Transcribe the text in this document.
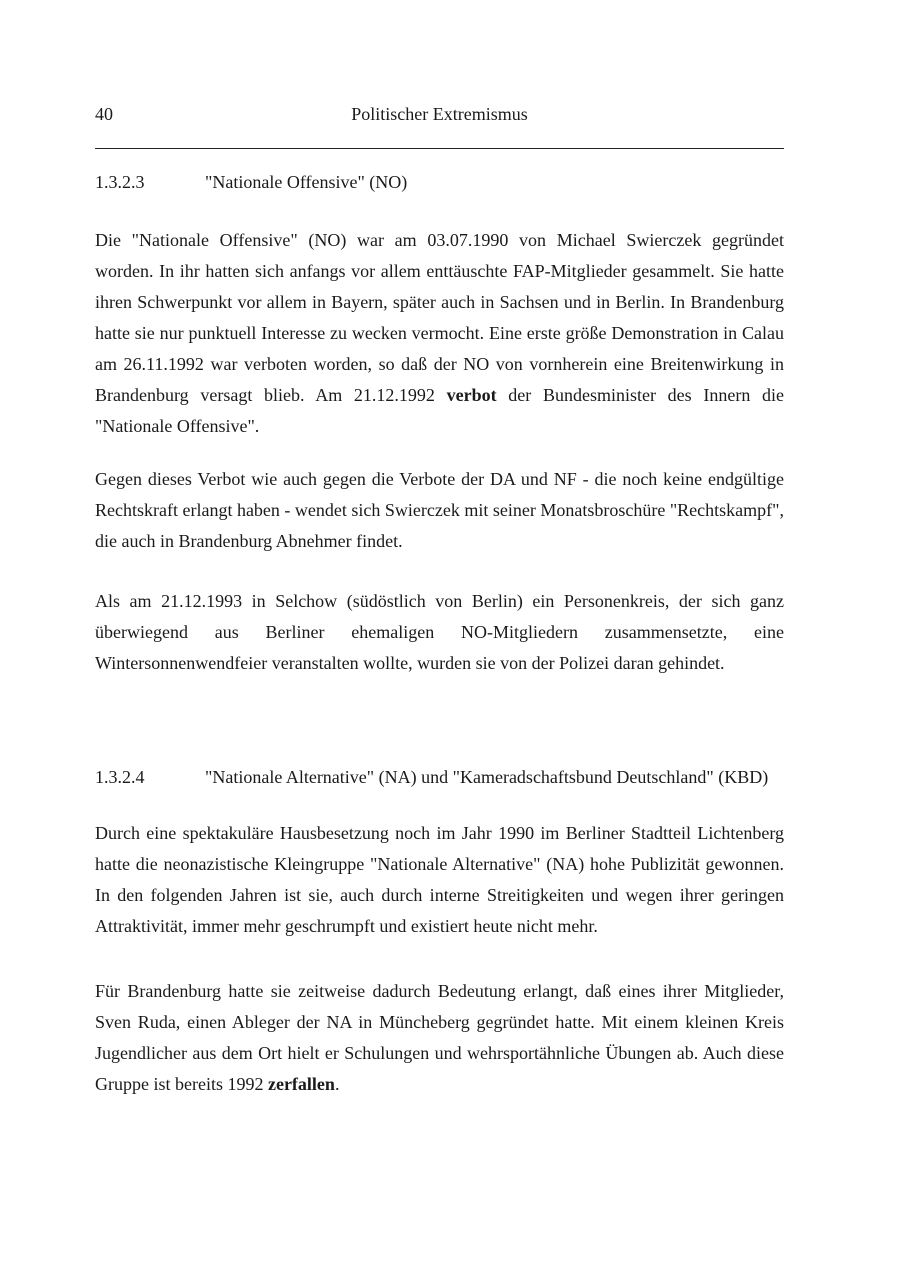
40	Politischer Extremismus
1.3.2.3	"Nationale Offensive" (NO)

Die "Nationale Offensive" (NO) war am 03.07.1990 von Michael Swierczek gegründet worden. In ihr hatten sich anfangs vor allem enttäuschte FAP-Mitglieder gesammelt. Sie hatte ihren Schwerpunkt vor allem in Bayern, später auch in Sachsen und in Berlin. In Brandenburg hatte sie nur punktuell Interesse zu wecken vermocht. Eine erste größe Demonstration in Calau am 26.11.1992 war verboten worden, so daß der NO von vornherein eine Breitenwirkung in Brandenburg versagt blieb. Am 21.12.1992 verbot der Bundesminister des Innern die "Nationale Offensive".

Gegen dieses Verbot wie auch gegen die Verbote der DA und NF - die noch keine endgültige Rechtskraft erlangt haben - wendet sich Swierczek mit seiner Monatsbroschüre "Rechtskampf", die auch in Brandenburg Abnehmer findet.

Als am 21.12.1993 in Selchow (südöstlich von Berlin) ein Personenkreis, der sich ganz überwiegend aus Berliner ehemaligen NO-Mitgliedern zusammensetzte, eine Wintersonnenwendfeier veranstalten wollte, wurden sie von der Polizei daran gehindet.

1.3.2.4	"Nationale Alternative" (NA) und "Kameradschaftsbund Deutschland" (KBD)

Durch eine spektakuläre Hausbesetzung noch im Jahr 1990 im Berliner Stadtteil Lichtenberg hatte die neonazistische Kleingruppe "Nationale Alternative" (NA) hohe Publizität gewonnen. In den folgenden Jahren ist sie, auch durch interne Streitigkeiten und wegen ihrer geringen Attraktivität, immer mehr geschrumpft und existiert heute nicht mehr.

Für Brandenburg hatte sie zeitweise dadurch Bedeutung erlangt, daß eines ihrer Mitglieder, Sven Ruda, einen Ableger der NA in Müncheberg gegründet hatte. Mit einem kleinen Kreis Jugendlicher aus dem Ort hielt er Schulungen und wehrsportähnliche Übungen ab. Auch diese Gruppe ist bereits 1992 zerfallen.
